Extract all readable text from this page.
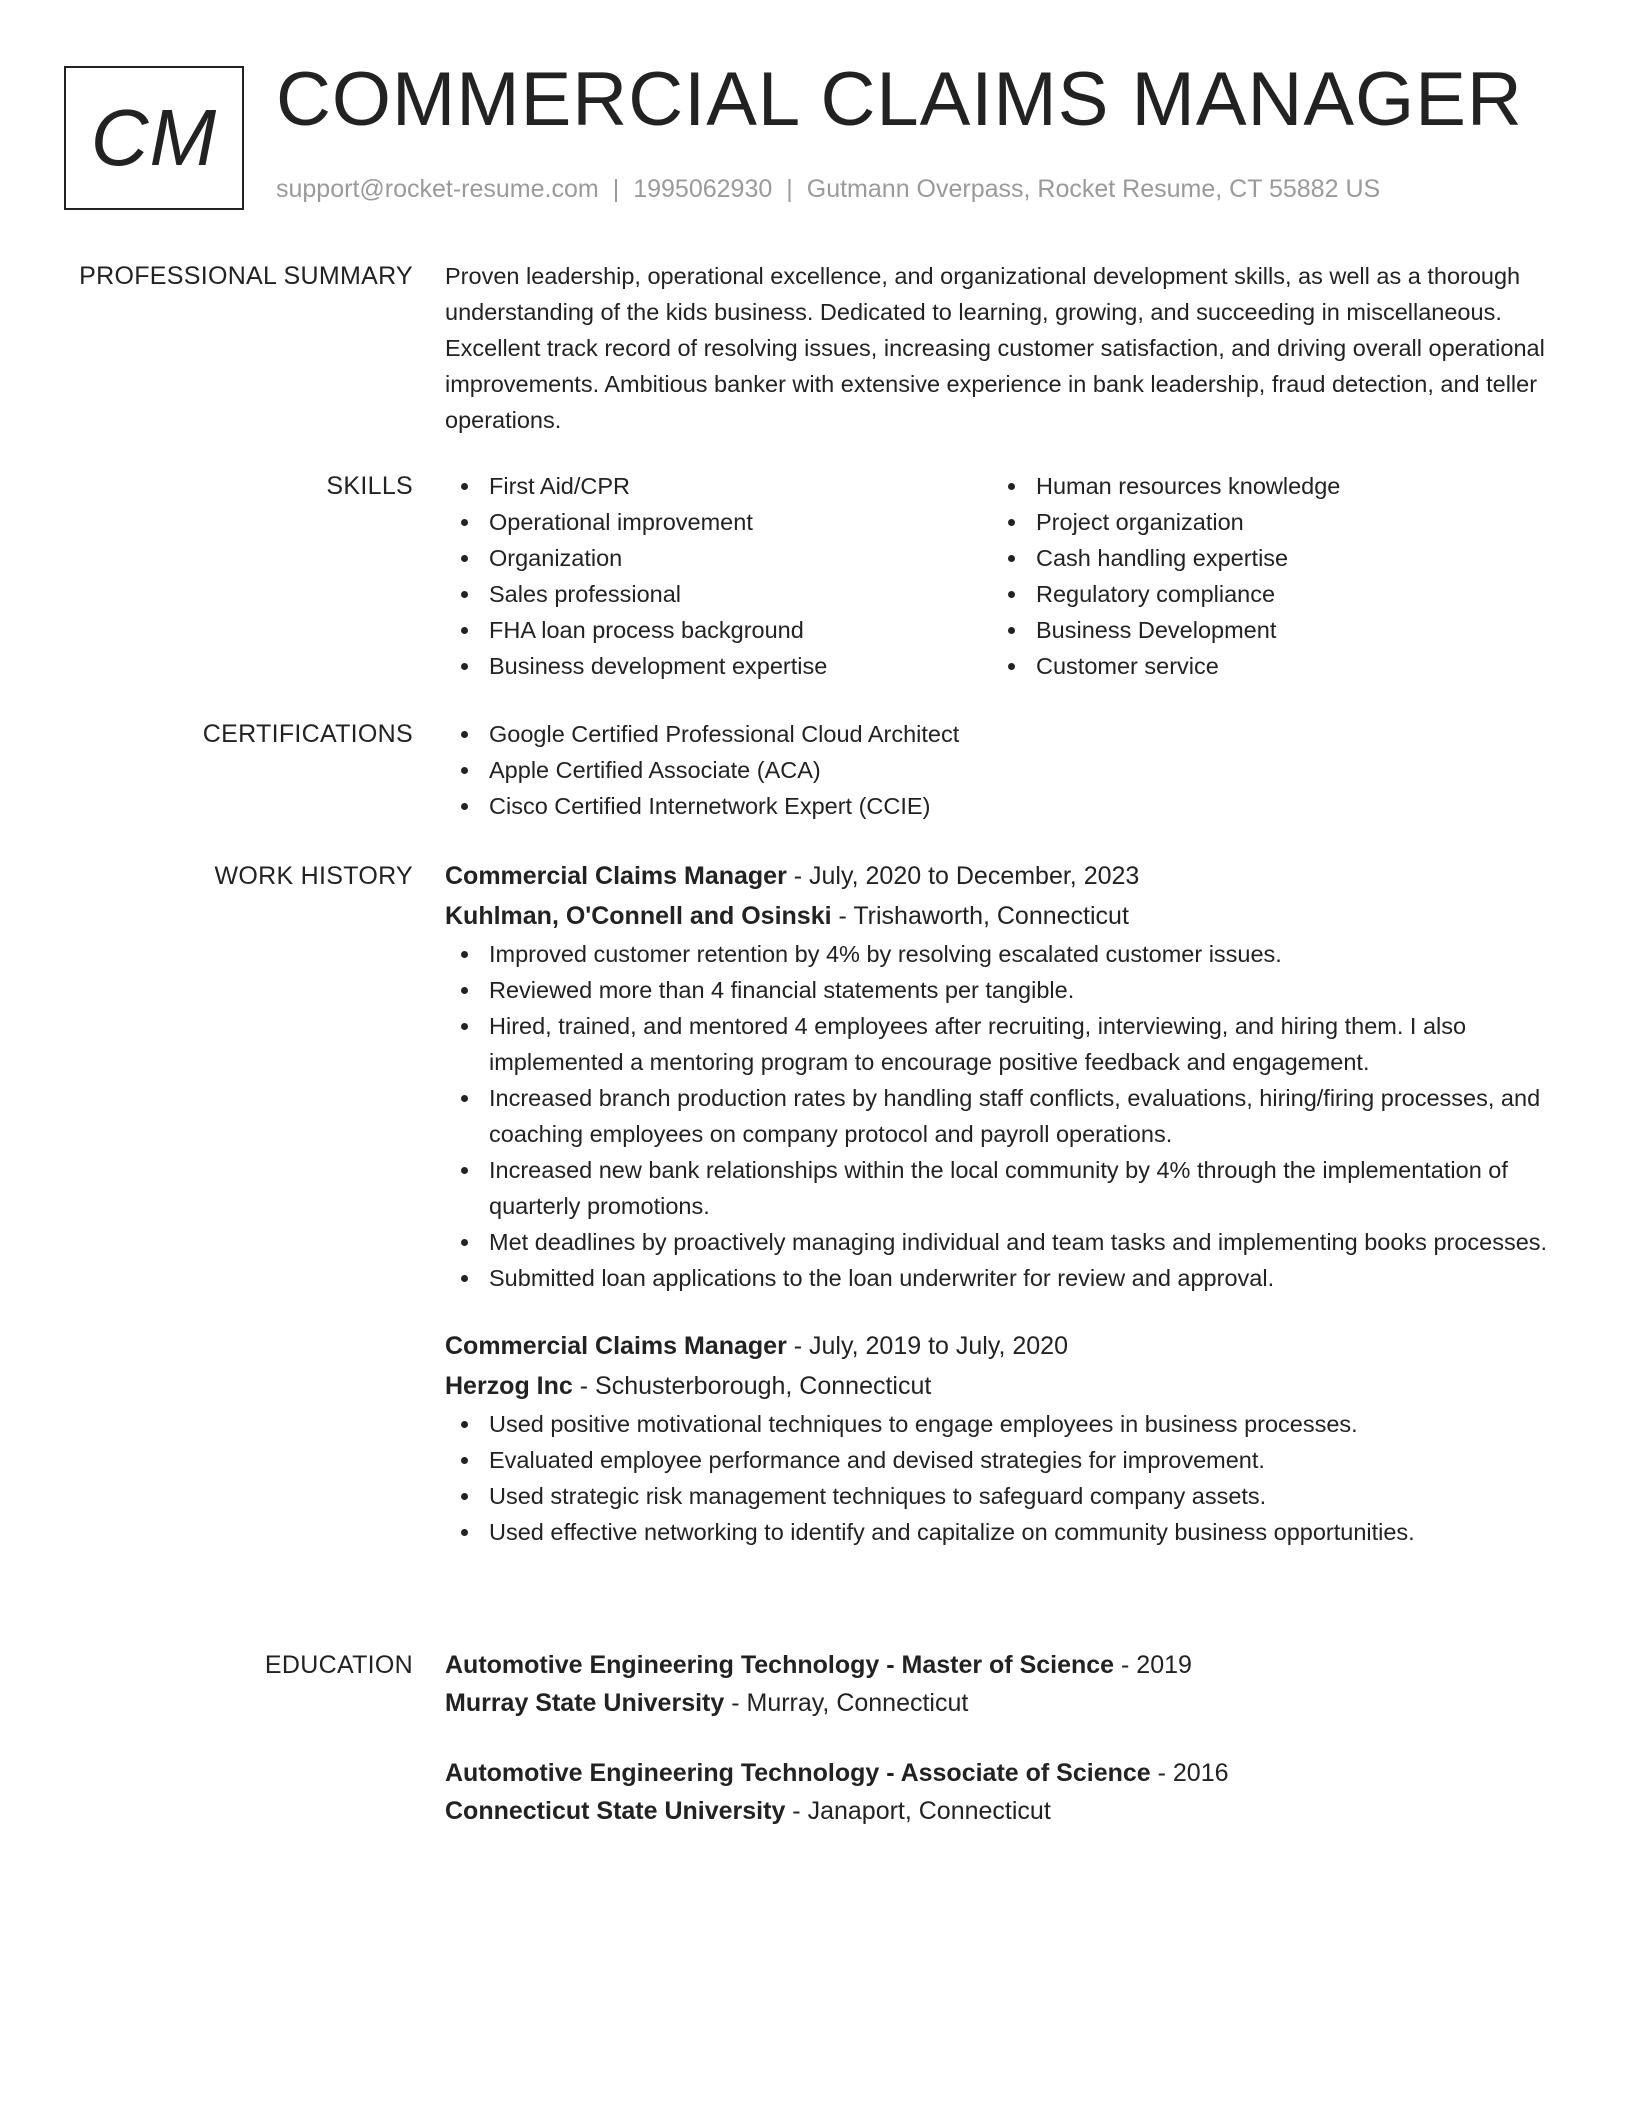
CM COMMERCIAL CLAIMS MANAGER
support@rocket-resume.com | 1995062930 | Gutmann Overpass, Rocket Resume, CT 55882 US
PROFESSIONAL SUMMARY Proven leadership, operational excellence, and organizational development skills, as well as a thorough understanding of the kids business. Dedicated to learning, growing, and succeeding in miscellaneous. Excellent track record of resolving issues, increasing customer satisfaction, and driving overall operational improvements. Ambitious banker with extensive experience in bank leadership, fraud detection, and teller operations.

SKILLS	First Aid/CPR
Operational improvement
Organization
Sales professional
FHA loan process background
Business development expertise
Human resources knowledge
Project organization
Cash handling expertise
Regulatory compliance
Business Development
Customer service
CERTIFICATIONS	Google Certified Professional Cloud Architect
Apple Certified Associate (ACA)
Cisco Certified Internetwork Expert (CCIE)
WORK HISTORY Commercial Claims Manager - July, 2020 to December, 2023
Kuhlman, O'Connell and Osinski - Trishaworth, Connecticut
Improved customer retention by 4% by resolving escalated customer issues.
Reviewed more than 4 financial statements per tangible.
Hired, trained, and mentored 4 employees after recruiting, interviewing, and hiring them. I also implemented a mentoring program to encourage positive feedback and engagement.
Increased branch production rates by handling staff conflicts, evaluations, hiring/firing processes, and coaching employees on company protocol and payroll operations.
Increased new bank relationships within the local community by 4% through the implementation of quarterly promotions.
Met deadlines by proactively managing individual and team tasks and implementing books processes.
Submitted loan applications to the loan underwriter for review and approval.
Commercial Claims Manager - July, 2019 to July, 2020
Herzog Inc - Schusterborough, Connecticut
Used positive motivational techniques to engage employees in business processes.
Evaluated employee performance and devised strategies for improvement.
Used strategic risk management techniques to safeguard company assets.
Used effective networking to identify and capitalize on community business opportunities.
EDUCATION Automotive Engineering Technology - Master of Science - 2019
Murray State University - Murray, Connecticut
Automotive Engineering Technology - Associate of Science - 2016
Connecticut State University - Janaport, Connecticut
